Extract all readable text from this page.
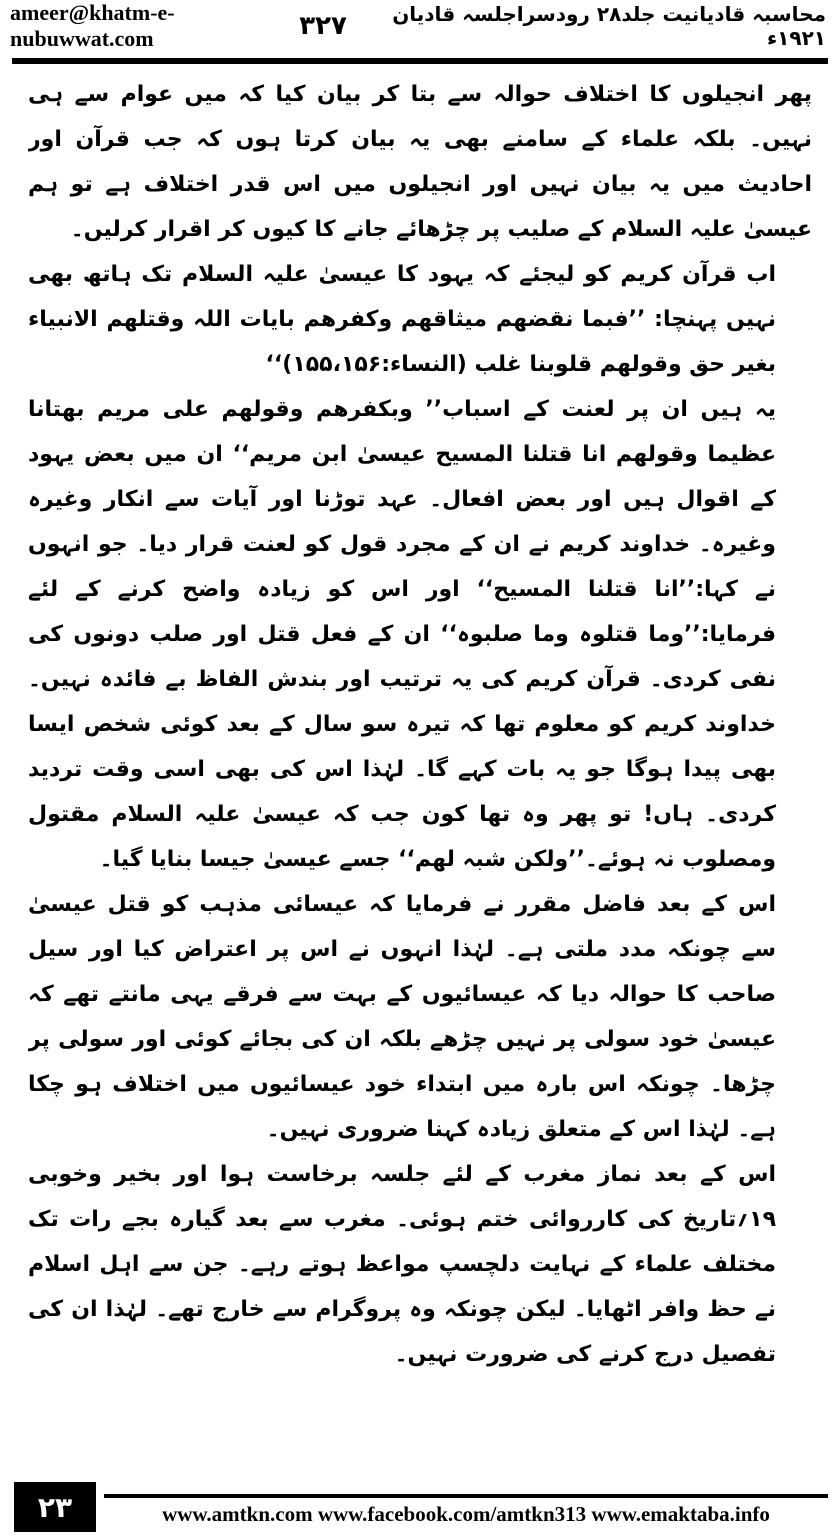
ameer@khatm-e-nubuwwat.com
محاسبہ قادیانیت جلد۲۸ رودسراجلسہ قادیان ۱۹۲۱ء
۳۲۷

پھر انجیلوں کا اختلاف حوالہ سے بتا کر بیان کیا کہ میں عوام سے ہی نہیں۔ بلکہ علماء کے سامنے بھی یہ بیان کرتا ہوں کہ جب قرآن اور احادیث میں یہ بیان نہیں اور انجیلوں میں اس قدر اختلاف ہے تو ہم عیسیٰ علیہ السلام کے صلیب پر چڑھائے جانے کا کیوں کر اقرار کرلیں۔

اب قرآن کریم کو لیجئے کہ یہود کا عیسیٰ علیہ السلام تک ہاتھ بھی نہیں پہنچا: ’’فبما نقضھم میثاقھم وکفرھم بایات اللہ وقتلھم الانبیاء بغیر حق وقولھم قلوبنا غلب (النساء:۱۵۵،۱۵۶)‘‘

یہ ہیں ان پر لعنت کے اسباب’’ وبکفرھم وقولھم علی مریم بھتانا عظیما وقولھم انا قتلنا المسیح عیسیٰ ابن مریم‘‘ ان میں بعض یہود کے اقوال ہیں اور بعض افعال۔ عہد توڑنا اور آیات سے انکار وغیرہ وغیرہ۔ خداوند کریم نے ان کے مجرد قول کو لعنت قرار دیا۔ جو انہوں نے کہا:’’انا قتلنا المسیح‘‘ اور اس کو زیادہ واضح کرنے کے لئے فرمایا:’’وما قتلوہ وما صلبوہ‘‘ ان کے فعل قتل اور صلب دونوں کی نفی کردی۔ قرآن کریم کی یہ ترتیب اور بندش الفاظ بے فائدہ نہیں۔ خداوند کریم کو معلوم تھا کہ تیرہ سو سال کے بعد کوئی شخص ایسا بھی پیدا ہوگا جو یہ بات کہے گا۔ لہٰذا اس کی بھی اسی وقت تردید کردی۔ ہاں! تو پھر وہ تھا کون جب کہ عیسیٰ علیہ السلام مقتول ومصلوب نہ ہوئے۔’’ولکن شبہ لھم‘‘ جسے عیسیٰ جیسا بنایا گیا۔

اس کے بعد فاضل مقرر نے فرمایا کہ عیسائی مذہب کو قتل عیسیٰ سے چونکہ مدد ملتی ہے۔ لہٰذا انہوں نے اس پر اعتراض کیا اور سیل صاحب کا حوالہ دیا کہ عیسائیوں کے بہت سے فرقے یہی مانتے تھے کہ عیسیٰ خود سولی پر نہیں چڑھے بلکہ ان کی بجائے کوئی اور سولی پر چڑھا۔ چونکہ اس بارہ میں ابتداء خود عیسائیوں میں اختلاف ہو چکا ہے۔ لہٰذا اس کے متعلق زیادہ کہنا ضروری نہیں۔

اس کے بعد نماز مغرب کے لئے جلسہ برخاست ہوا اور بخیر وخوبی ۱۹؍تاریخ کی کارروائی ختم ہوئی۔ مغرب سے بعد گیارہ بجے رات تک مختلف علماء کے نہایت دلچسپ مواعظ ہوتے رہے۔ جن سے اہل اسلام نے حظ وافر اٹھایا۔ لیکن چونکہ وہ پروگرام سے خارج تھے۔ لہٰذا ان کی تفصیل درج کرنے کی ضرورت نہیں۔

۲۳	www.amtkn.com www.facebook.com/amtkn313 www.emaktaba.info
